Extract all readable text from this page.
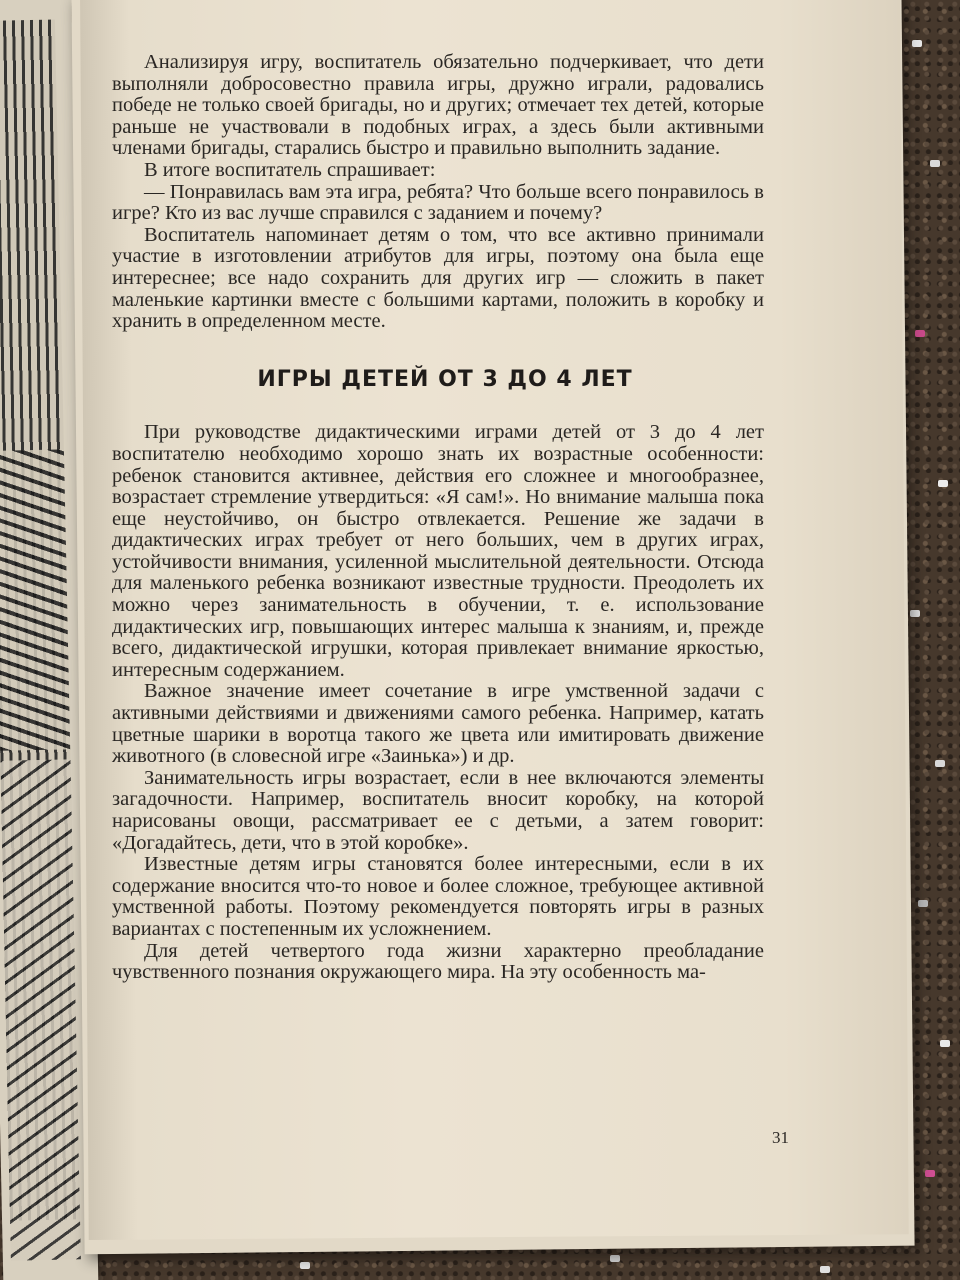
Анализируя игру, воспитатель обязательно подчеркивает, что дети выполняли добросовестно правила игры, дружно играли, радовались победе не только своей бригады, но и других; отмечает тех детей, которые раньше не участвовали в подобных играх, а здесь были активными членами бригады, старались быстро и правильно выполнить задание.

В итоге воспитатель спрашивает:

— Понравилась вам эта игра, ребята? Что больше всего понравилось в игре? Кто из вас лучше справился с заданием и почему?

Воспитатель напоминает детям о том, что все активно принимали участие в изготовлении атрибутов для игры, поэтому она была еще интереснее; все надо сохранить для других игр — сложить в пакет маленькие картинки вместе с большими картами, положить в коробку и хранить в определенном месте.

ИГРЫ ДЕТЕЙ ОТ 3 ДО 4 ЛЕТ

При руководстве дидактическими играми детей от 3 до 4 лет воспитателю необходимо хорошо знать их возрастные особенности: ребенок становится активнее, действия его сложнее и многообразнее, возрастает стремление утвердиться: «Я сам!». Но внимание малыша пока еще неустойчиво, он быстро отвлекается. Решение же задачи в дидактических играх требует от него больших, чем в других играх, устойчивости внимания, усиленной мыслительной деятельности. Отсюда для маленького ребенка возникают известные трудности. Преодолеть их можно через занимательность в обучении, т. е. использование дидактических игр, повышающих интерес малыша к знаниям, и, прежде всего, дидактической игрушки, которая привлекает внимание яркостью, интересным содержанием.

Важное значение имеет сочетание в игре умственной задачи с активными действиями и движениями самого ребенка. Например, катать цветные шарики в воротца такого же цвета или имитировать движение животного (в словесной игре «Заинька») и др.

Занимательность игры возрастает, если в нее включаются элементы загадочности. Например, воспитатель вносит коробку, на которой нарисованы овощи, рассматривает ее с детьми, а затем говорит: «Догадайтесь, дети, что в этой коробке».

Известные детям игры становятся более интересными, если в их содержание вносится что-то новое и более сложное, требующее активной умственной работы. Поэтому рекомендуется повторять игры в разных вариантах с постепенным их усложнением.

Для детей четвертого года жизни характерно преобладание чувственного познания окружающего мира. На эту особенность ма-

31
